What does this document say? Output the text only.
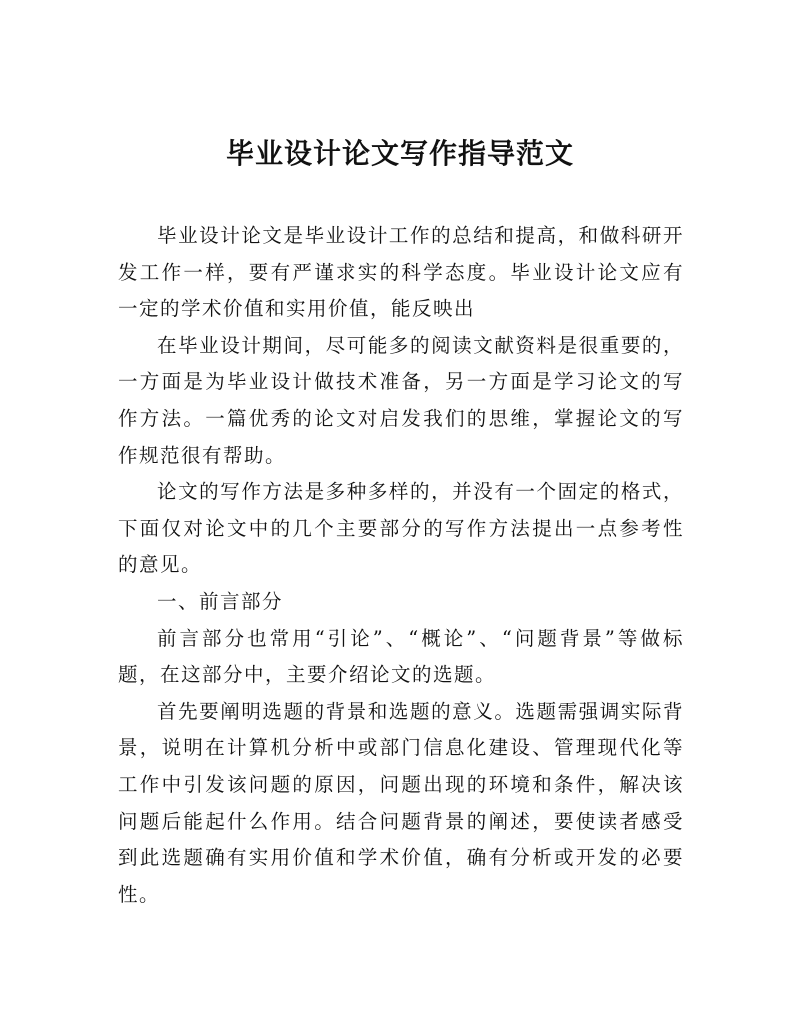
毕业设计论文写作指导范文

毕业设计论文是毕业设计工作的总结和提高，和做科研开发工作一样，要有严谨求实的科学态度。毕业设计论文应有一定的学术价值和实用价值，能反映出

在毕业设计期间，尽可能多的阅读文献资料是很重要的，一方面是为毕业设计做技术准备，另一方面是学习论文的写作方法。一篇优秀的论文对启发我们的思维，掌握论文的写作规范很有帮助。

论文的写作方法是多种多样的，并没有一个固定的格式，下面仅对论文中的几个主要部分的写作方法提出一点参考性的意见。

一、前言部分

前言部分也常用“引论”、“概论”、“问题背景”等做标题，在这部分中，主要介绍论文的选题。

首先要阐明选题的背景和选题的意义。选题需强调实际背景，说明在计算机分析中或部门信息化建设、管理现代化等工作中引发该问题的原因，问题出现的环境和条件，解决该问题后能起什么作用。结合问题背景的阐述，要使读者感受到此选题确有实用价值和学术价值，确有分析或开发的必要性。
